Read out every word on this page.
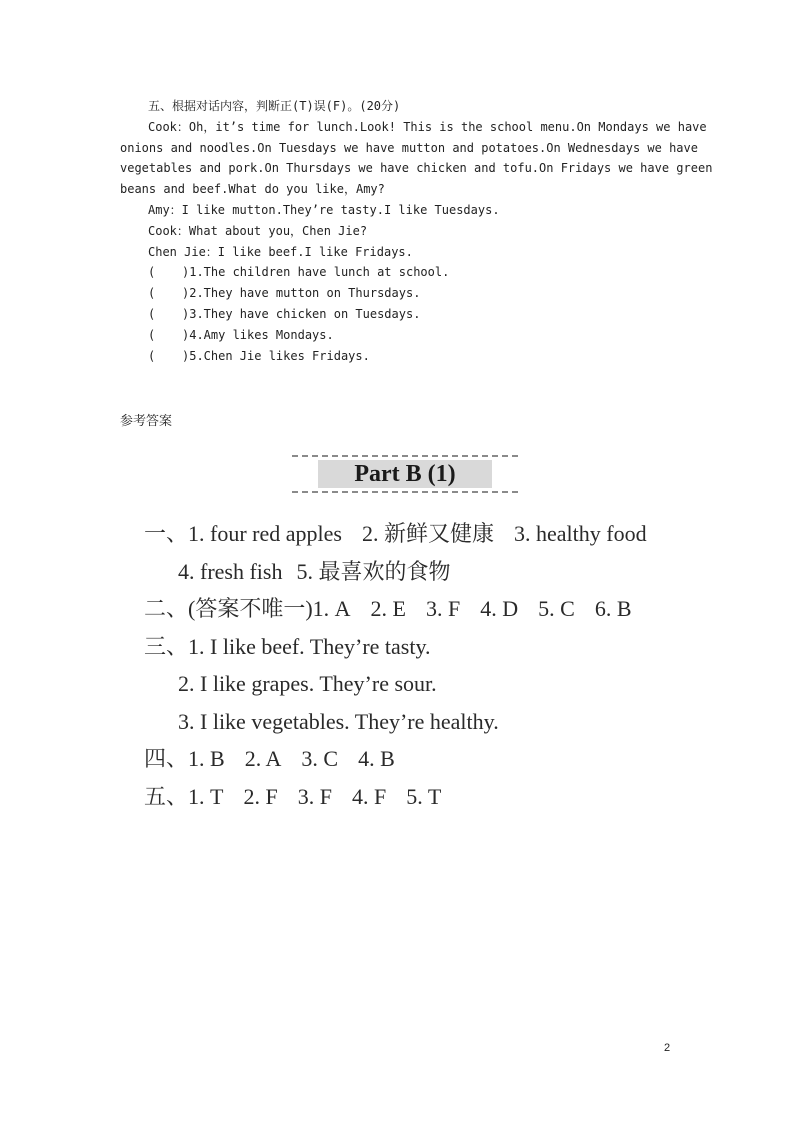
五、根据对话内容，判断正(T)误(F)。(20分)

Cook：Oh，it’s time for lunch.Look! This is the school menu.On Mondays we have

onions and noodles.On Tuesdays we have mutton and potatoes.On Wednesdays we have

vegetables and pork.On Thursdays we have chicken and tofu.On Fridays we have green

beans and beef.What do you like，Amy?

Amy：I like mutton.They’re tasty.I like Tuesdays.

Cook：What about you，Chen Jie?

Chen Jie：I like beef.I like Fridays.

( )1.The children have lunch at school.

( )2.They have mutton on Thursdays.

( )3.They have chicken on Tuesdays.

( )4.Amy likes Mondays.

( )5.Chen Jie likes Fridays.

参考答案
Part B (1)
一、1. four red apples 2. 新鲜又健康 3. healthy food
4. fresh fish 5. 最喜欢的食物
二、(答案不唯一)1. A 2. E 3. F 4. D 5. C 6. B
三、1. I like beef. They’re tasty.
2. I like grapes. They’re sour.
3. I like vegetables. They’re healthy.
四、1. B 2. A 3. C 4. B
五、1. T 2. F 3. F 4. F 5. T
2
